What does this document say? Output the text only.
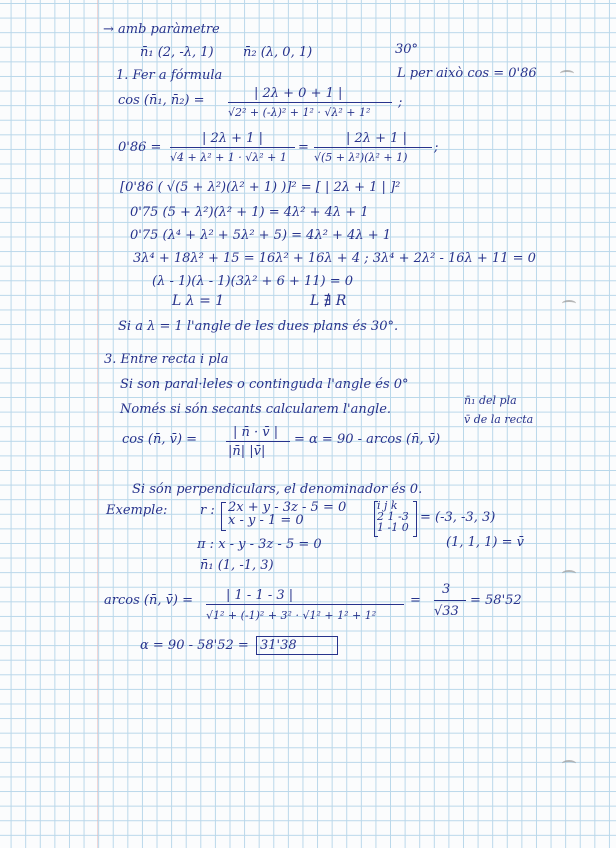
→ amb paràmetre
n̄₁ (2, -λ, 1) n̄₂ (λ, 0, 1)	30°
L per això cos = 0'86
1. Fer a fórmula
cos (n̄₁, n̄₂) =	| 2λ + 0 + 1 |
√2² + (-λ)² + 1² · √λ² + 1²
;
0'86 =
| 2λ + 1 |
√4 + λ² + 1 · √λ² + 1
=
| 2λ + 1 |
√(5 + λ²)(λ² + 1)
;
[0'86 ( √(5 + λ²)(λ² + 1) )]² = [ | 2λ + 1 | ]²
0'75 (5 + λ²)(λ² + 1) = 4λ² + 4λ + 1
0'75 (λ⁴ + λ² + 5λ² + 5) = 4λ² + 4λ + 1
3λ⁴ + 18λ² + 15 = 16λ² + 16λ + 4 ; 3λ⁴ + 2λ² - 16λ + 11 = 0
(λ - 1)(λ - 1)(3λ² + 6 + 11) = 0
L λ = 1	L ∄ R
Si a λ = 1 l'angle de les dues plans és 30°.
3. Entre recta i pla
Si son paral·leles o continguda l'angle és 0°
Només si són secants calcularem l'angle.
n̄₁ del pla
v̄ de la recta
cos (n̄, v̄) =	| n̄ · v̄ |
|n̄| |v̄|
= α = 90 - arcos (n̄, v̄)
Si són perpendiculars, el denominador és 0.
Exemple:	r : 2x + y - 3z - 5 = 0
x - y - 1 = 0
i j k
2 1 -3
1 -1 0
= (-3, -3, 3)
(1, 1, 1) = v̄
π : x - y - 3z - 5 = 0
n̄₁ (1, -1, 3)
arcos (n̄, v̄) =	| 1 - 1 - 3 |
√1² + (-1)² + 3² · √1² + 1² + 1²
=
3
√33
= 58'52
α = 90 - 58'52 = 31'38
